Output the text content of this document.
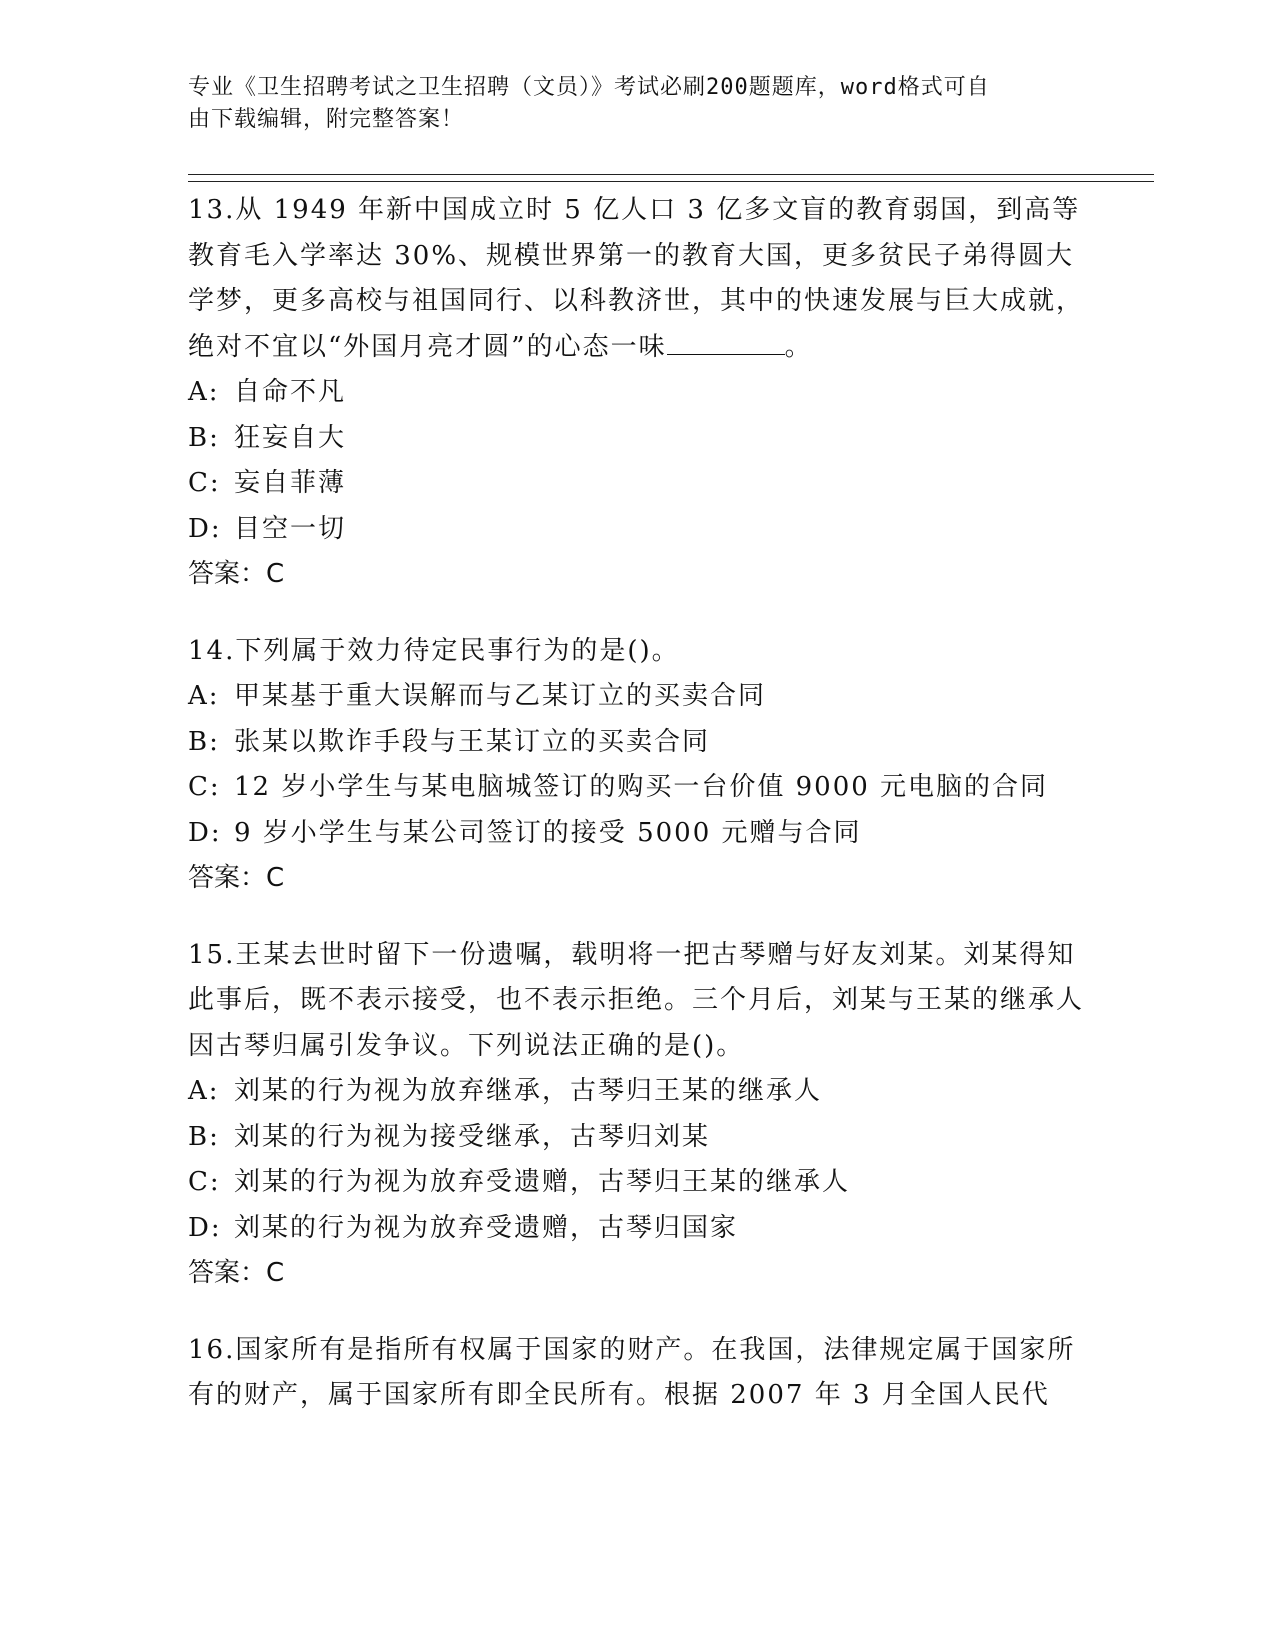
专业《卫生招聘考试之卫生招聘（文员）》考试必刷200题题库，word格式可自
由下载编辑，附完整答案！

13.从 1949 年新中国成立时 5 亿人口 3 亿多文盲的教育弱国，到高等教育毛入学率达 30%、规模世界第一的教育大国，更多贫民子弟得圆大学梦，更多高校与祖国同行、以科教济世，其中的快速发展与巨大成就，绝对不宜以“外国月亮才圆”的心态一味	。

A: 自命不凡

B: 狂妄自大

C: 妄自菲薄

D: 目空一切

答案：C

14.下列属于效力待定民事行为的是()。

A: 甲某基于重大误解而与乙某订立的买卖合同

B: 张某以欺诈手段与王某订立的买卖合同

C: 12 岁小学生与某电脑城签订的购买一台价值 9000 元电脑的合同

D: 9 岁小学生与某公司签订的接受 5000 元赠与合同

答案：C

15.王某去世时留下一份遗嘱，载明将一把古琴赠与好友刘某。刘某得知此事后，既不表示接受，也不表示拒绝。三个月后，刘某与王某的继承人因古琴归属引发争议。下列说法正确的是()。

A: 刘某的行为视为放弃继承，古琴归王某的继承人

B: 刘某的行为视为接受继承，古琴归刘某

C: 刘某的行为视为放弃受遗赠，古琴归王某的继承人

D: 刘某的行为视为放弃受遗赠，古琴归国家

答案：C

16.国家所有是指所有权属于国家的财产。在我国，法律规定属于国家所有的财产，属于国家所有即全民所有。根据 2007 年 3 月全国人民代
